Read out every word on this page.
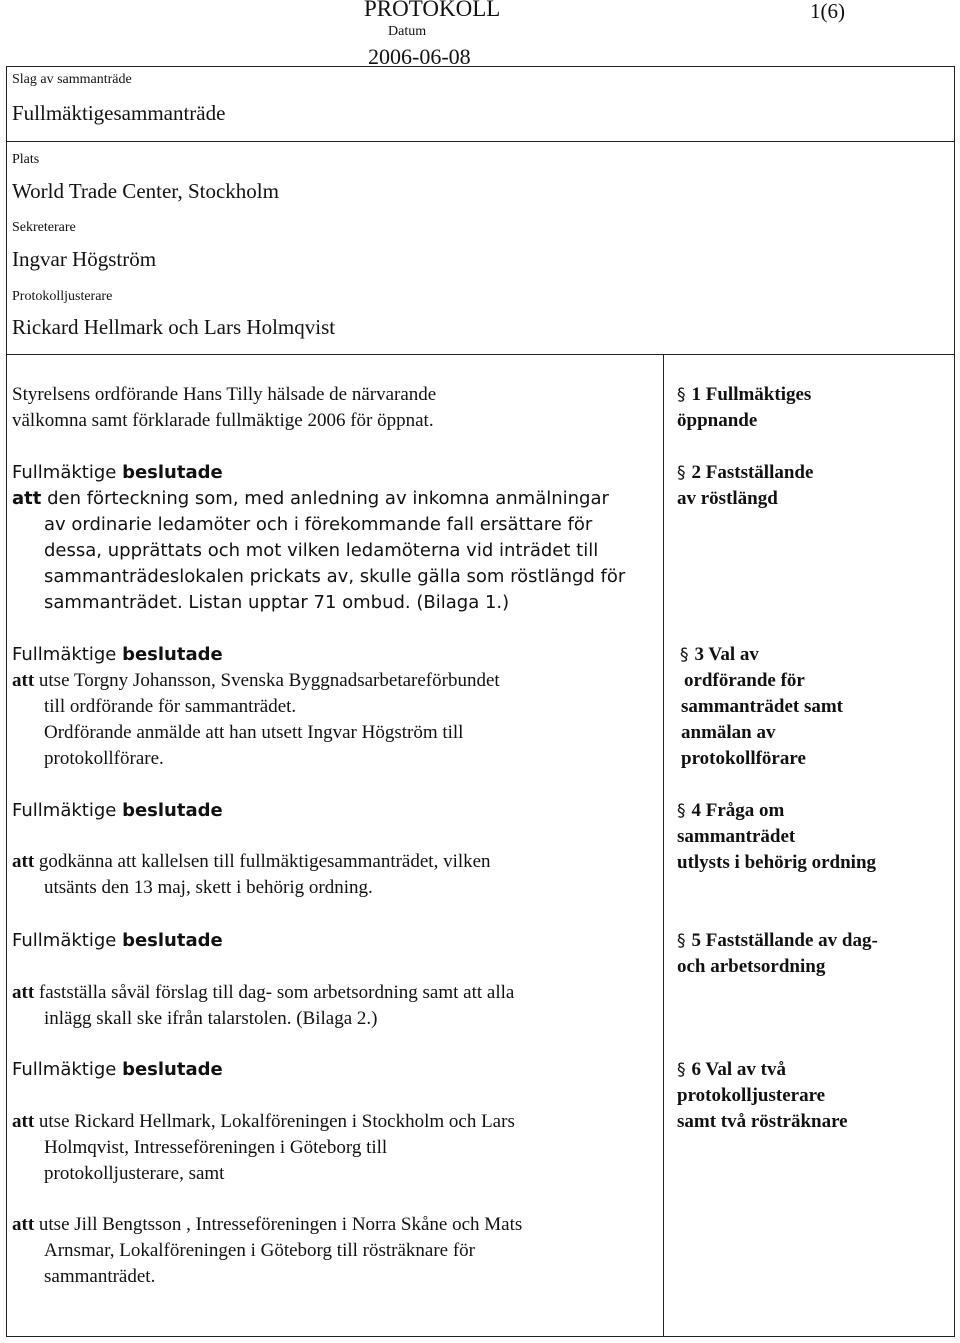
PROTOKOLL	1(6)
Datum
2006-06-08
Slag av sammanträde
Fullmäktigesammanträde
Plats
World Trade Center, Stockholm
Sekreterare
Ingvar Högström
Protokolljusterare
Rickard Hellmark och Lars Holmqvist
Styrelsens ordförande Hans Tilly hälsade de närvarande
välkomna samt förklarade fullmäktige 2006 för öppnat.
Fullmäktige beslutade
att den förteckning som, med anledning av inkomna anmälningar
av ordinarie ledamöter och i förekommande fall ersättare för
dessa, upprättats och mot vilken ledamöterna vid inträdet till
sammanträdeslokalen prickats av, skulle gälla som röstlängd för
sammanträdet. Listan upptar 71 ombud. (Bilaga 1.)
Fullmäktige beslutade
att utse Torgny Johansson, Svenska Byggnadsarbetareförbundet
till ordförande för sammanträdet.
Ordförande anmälde att han utsett Ingvar Högström till
protokollförare.
Fullmäktige beslutade
att godkänna att kallelsen till fullmäktigesammanträdet, vilken
utsänts den 13 maj, skett i behörig ordning.
Fullmäktige beslutade
att fastställa såväl förslag till dag- som arbetsordning samt att alla
inlägg skall ske ifrån talarstolen. (Bilaga 2.)
Fullmäktige beslutade
att utse Rickard Hellmark, Lokalföreningen i Stockholm och Lars
Holmqvist, Intresseföreningen i Göteborg till
protokolljusterare, samt
att utse Jill Bengtsson , Intresseföreningen i Norra Skåne och Mats
Arnsmar, Lokalföreningen i Göteborg till rösträknare för
sammanträdet.
§ 1 Fullmäktiges
öppnande
§ 2 Fastställande
av röstlängd
§ 3 Val av
ordförande för
sammanträdet samt
anmälan av
protokollförare
§ 4 Fråga om
sammanträdet
utlysts i behörig ordning
§ 5 Fastställande av dag-
och arbetsordning
§ 6 Val av två
protokolljusterare
samt två rösträknare
